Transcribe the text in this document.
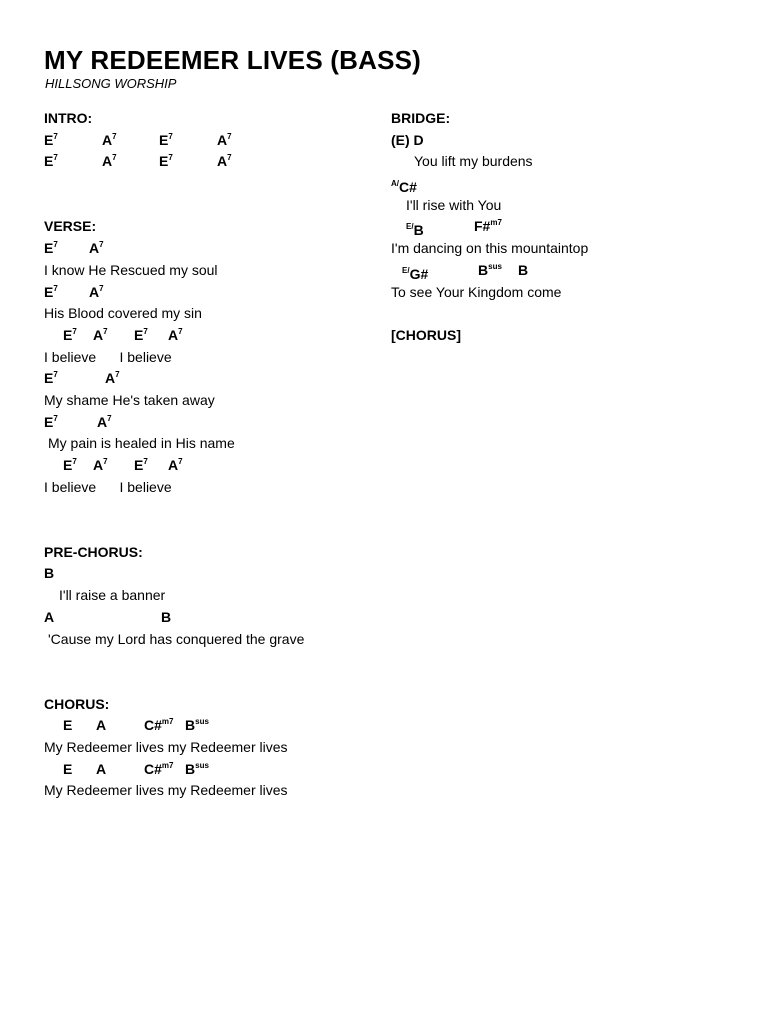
MY REDEEMER LIVES (BASS)
HILLSONG WORSHIP
INTRO:
$E^7$	$A^7$	$E^7$	$A^7$
$E^7$	$A^7$	$E^7$	$A^7$
VERSE:
$E^7$ $A^7$
I know He Rescued my soul
$E^7$ $A^7$
His Blood covered my sin
$E^7$ $A^7$ $E^7$ $A^7$
I believe      I believe
$E^7$	$A^7$
My shame He's taken away
$E^7$	$A^7$
My pain is healed in His name
$E^7$ $A^7$ $E^7$ $A^7$
I believe      I believe
PRE-CHORUS:
B
I'll raise a banner
A	B
'Cause my Lord has conquered the grave
CHORUS:
E A	C#$^{m7}$ $B^{sus}$
My Redeemer lives my Redeemer lives
E A	C#$^{m7}$ $B^{sus}$
My Redeemer lives my Redeemer lives
BRIDGE:
(E) D
You lift my burdens
$^{A/}$C#
I'll rise with You
$^{E/}$B	F#$^{m7}$
I'm dancing on this mountaintop
$^{E/}$G#	$B^{sus}$ B
To see Your Kingdom come
[CHORUS]
